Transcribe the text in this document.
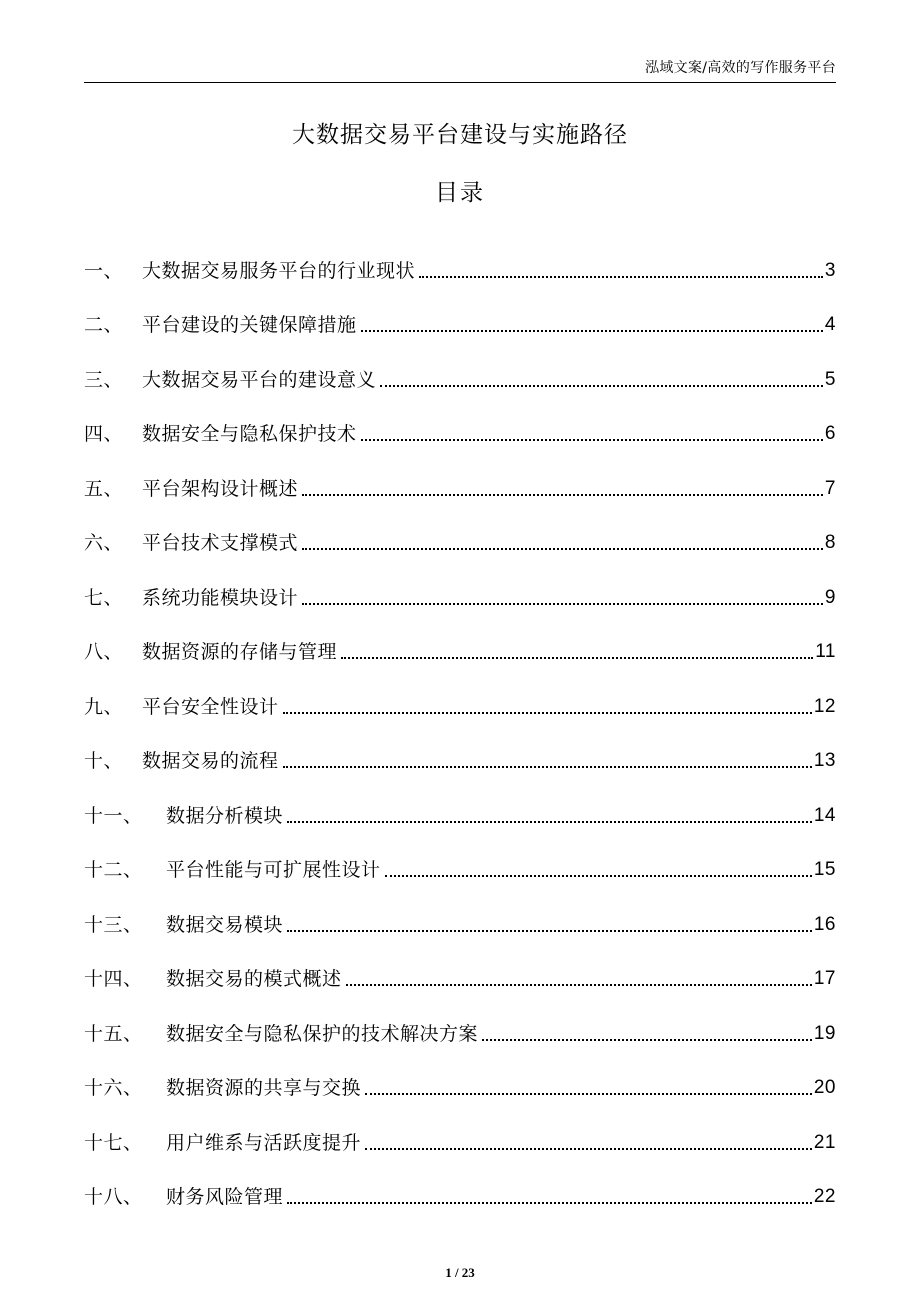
泓域文案/高效的写作服务平台
大数据交易平台建设与实施路径
目录
一、 大数据交易服务平台的行业现状	3
二、 平台建设的关键保障措施	4
三、 大数据交易平台的建设意义	5
四、 数据安全与隐私保护技术	6
五、 平台架构设计概述	7
六、 平台技术支撑模式	8
七、 系统功能模块设计	9
八、 数据资源的存储与管理	11
九、 平台安全性设计	12
十、 数据交易的流程	13
十一、	数据分析模块	14
十二、	平台性能与可扩展性设计	15
十三、	数据交易模块	16
十四、	数据交易的模式概述	17
十五、	数据安全与隐私保护的技术解决方案	19
十六、	数据资源的共享与交换	20
十七、	用户维系与活跃度提升	21
十八、	财务风险管理	22
1 / 23
